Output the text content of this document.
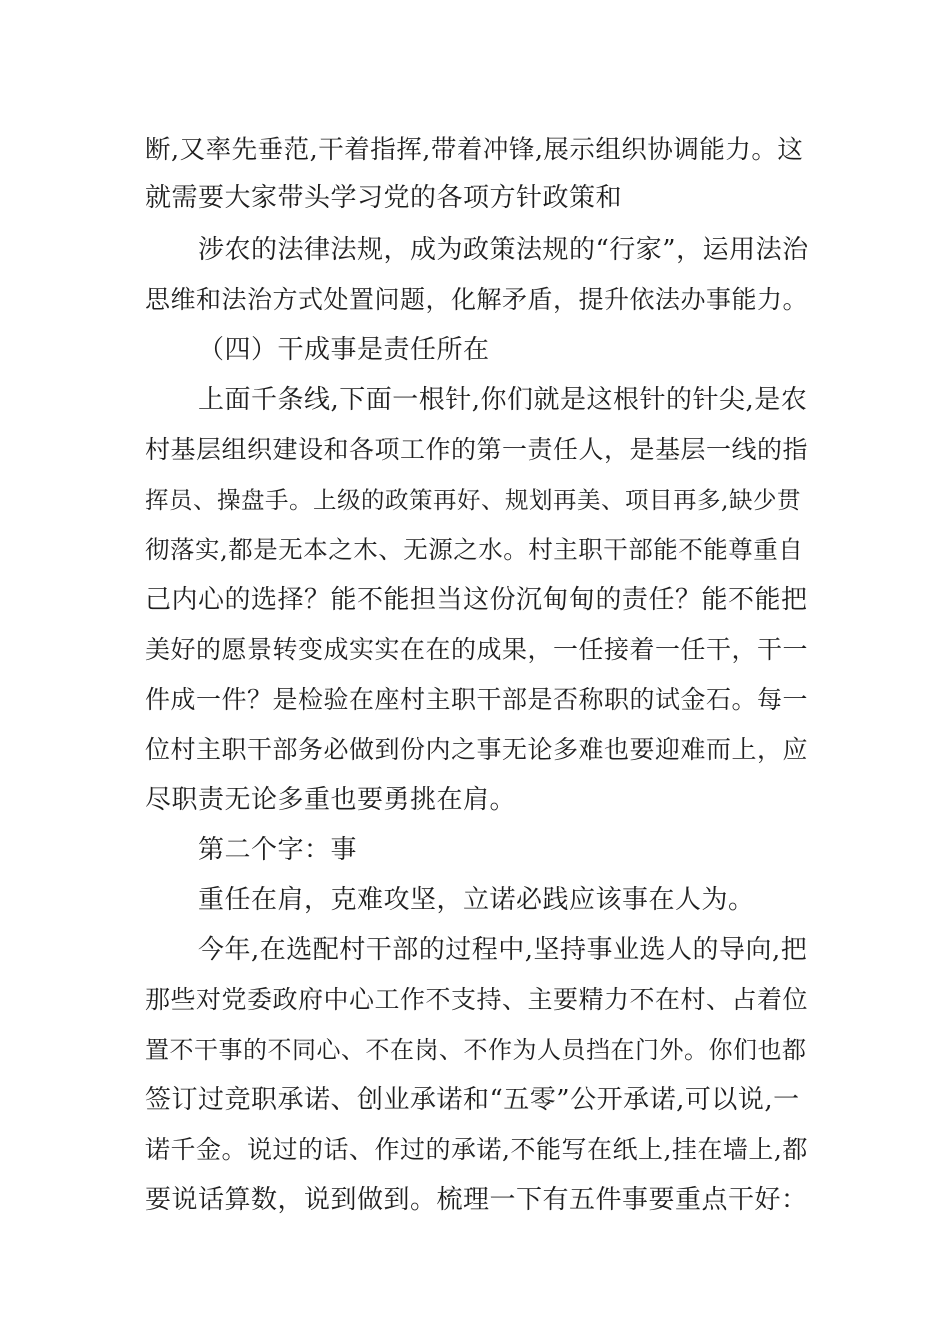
断,又率先垂范,干着指挥,带着冲锋,展示组织协调能力。这
就需要大家带头学习党的各项方针政策和
涉农的法律法规，成为政策法规的“行家”，运用法治
思维和法治方式处置问题，化解矛盾，提升依法办事能力。
（四）干成事是责任所在
上面千条线,下面一根针,你们就是这根针的针尖,是农
村基层组织建设和各项工作的第一责任人，是基层一线的指
挥员、操盘手。上级的政策再好、规划再美、项目再多,缺少贯
彻落实,都是无本之木、无源之水。村主职干部能不能尊重自
己内心的选择？能不能担当这份沉甸甸的责任？能不能把
美好的愿景转变成实实在在的成果，一任接着一任干，干一
件成一件？是检验在座村主职干部是否称职的试金石。每一
位村主职干部务必做到份内之事无论多难也要迎难而上，应
尽职责无论多重也要勇挑在肩。
第二个字：事
重任在肩，克难攻坚，立诺必践应该事在人为。
今年,在选配村干部的过程中,坚持事业选人的导向,把
那些对党委政府中心工作不支持、主要精力不在村、占着位
置不干事的不同心、不在岗、不作为人员挡在门外。你们也都
签订过竞职承诺、创业承诺和“五零”公开承诺,可以说,一
诺千金。说过的话、作过的承诺,不能写在纸上,挂在墙上,都
要说话算数，说到做到。梳理一下有五件事要重点干好：
